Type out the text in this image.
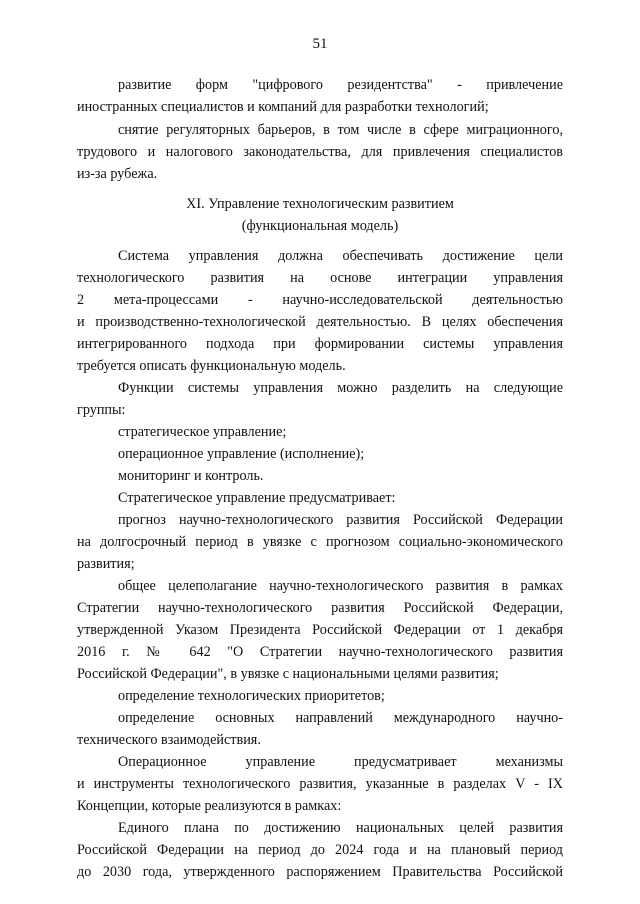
51
развитие форм "цифрового резидентства" - привлечение
иностранных специалистов и компаний для разработки технологий;
снятие регуляторных барьеров, в том числе в сфере миграционного,
трудового и налогового законодательства, для привлечения специалистов
из-за рубежа.
XI. Управление технологическим развитием
(функциональная модель)
Система управления должна обеспечивать достижение цели
технологического развития на основе интеграции управления
2 мета-процессами - научно-исследовательской деятельностью
и производственно-технологической деятельностью. В целях обеспечения
интегрированного подхода при формировании системы управления
требуется описать функциональную модель.
Функции системы управления можно разделить на следующие
группы:
стратегическое управление;
операционное управление (исполнение);
мониторинг и контроль.
Стратегическое управление предусматривает:
прогноз научно-технологического развития Российской Федерации
на долгосрочный период в увязке с прогнозом социально-экономического
развития;
общее целеполагание научно-технологического развития в рамках
Стратегии научно-технологического развития Российской Федерации,
утвержденной Указом Президента Российской Федерации от 1 декабря
2016 г. № 642 "О Стратегии научно-технологического развития
Российской Федерации", в увязке с национальными целями развития;
определение технологических приоритетов;
определение основных направлений международного научно-
технического взаимодействия.
Операционное управление предусматривает механизмы
и инструменты технологического развития, указанные в разделах V - IX
Концепции, которые реализуются в рамках:
Единого плана по достижению национальных целей развития
Российской Федерации на период до 2024 года и на плановый период
до 2030 года, утвержденного распоряжением Правительства Российской
